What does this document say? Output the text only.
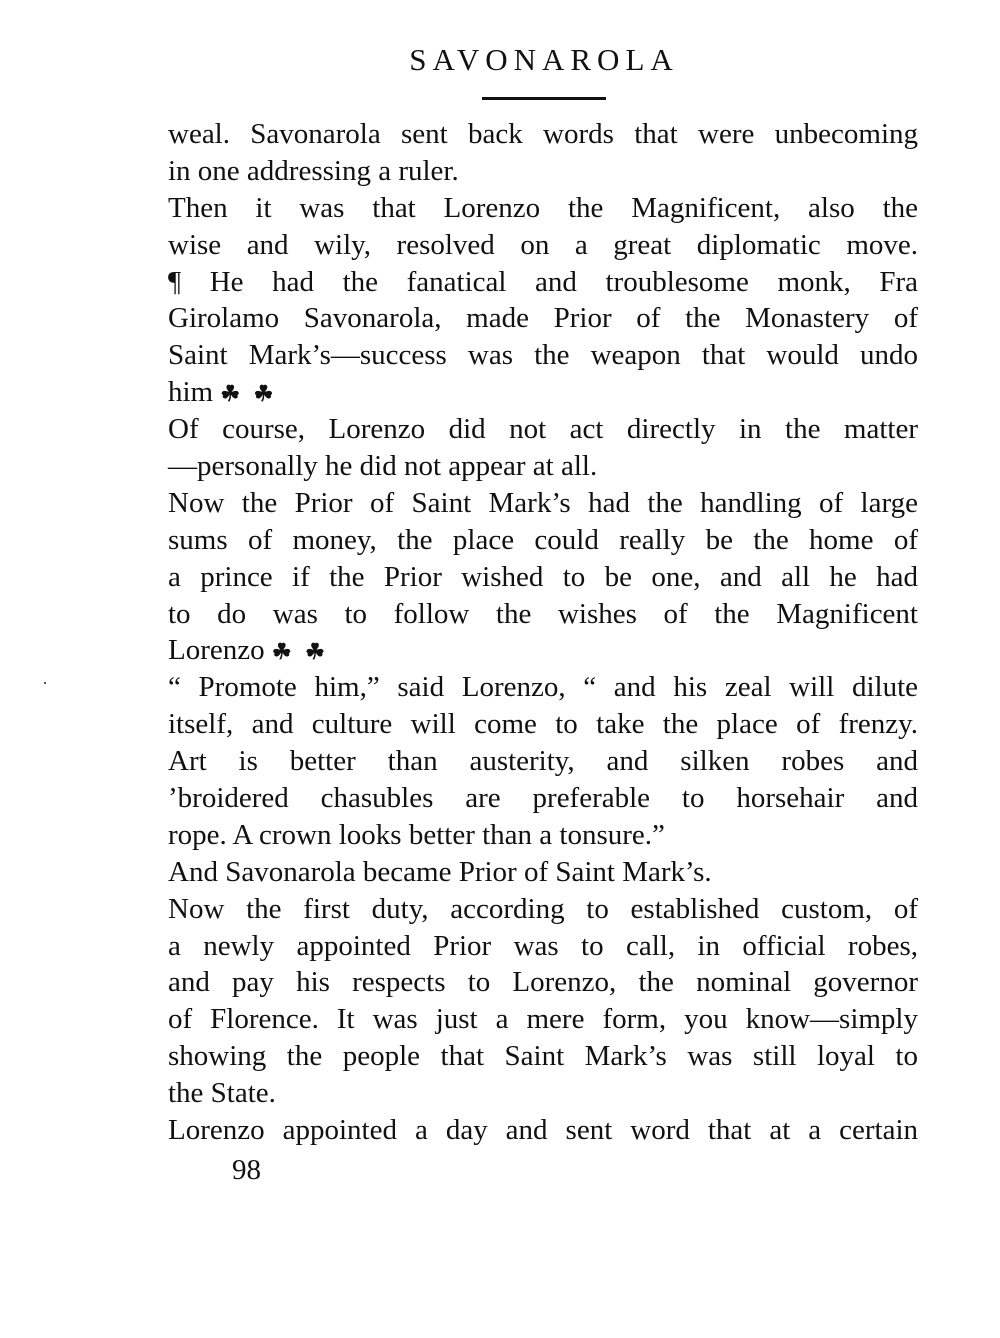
SAVONAROLA
weal. Savonarola sent back words that were unbecoming
in one addressing a ruler.
Then it was that Lorenzo the Magnificent, also the
wise and wily, resolved on a great diplomatic move.
¶ He had the fanatical and troublesome monk, Fra
Girolamo Savonarola, made Prior of the Monastery of
Saint Mark’s—success was the weapon that would undo
him ☘ ☘
Of course, Lorenzo did not act directly in the matter
—personally he did not appear at all.
Now the Prior of Saint Mark’s had the handling of large
sums of money, the place could really be the home of
a prince if the Prior wished to be one, and all he had
to do was to follow the wishes of the Magnificent
Lorenzo ☘ ☘
“ Promote him,” said Lorenzo, “ and his zeal will dilute
itself, and culture will come to take the place of frenzy.
Art is better than austerity, and silken robes and
’broidered chasubles are preferable to horsehair and
rope. A crown looks better than a tonsure.”
And Savonarola became Prior of Saint Mark’s.
Now the first duty, according to established custom, of
a newly appointed Prior was to call, in official robes,
and pay his respects to Lorenzo, the nominal governor
of Florence. It was just a mere form, you know—simply
showing the people that Saint Mark’s was still loyal to
the State.
Lorenzo appointed a day and sent word that at a certain
98
